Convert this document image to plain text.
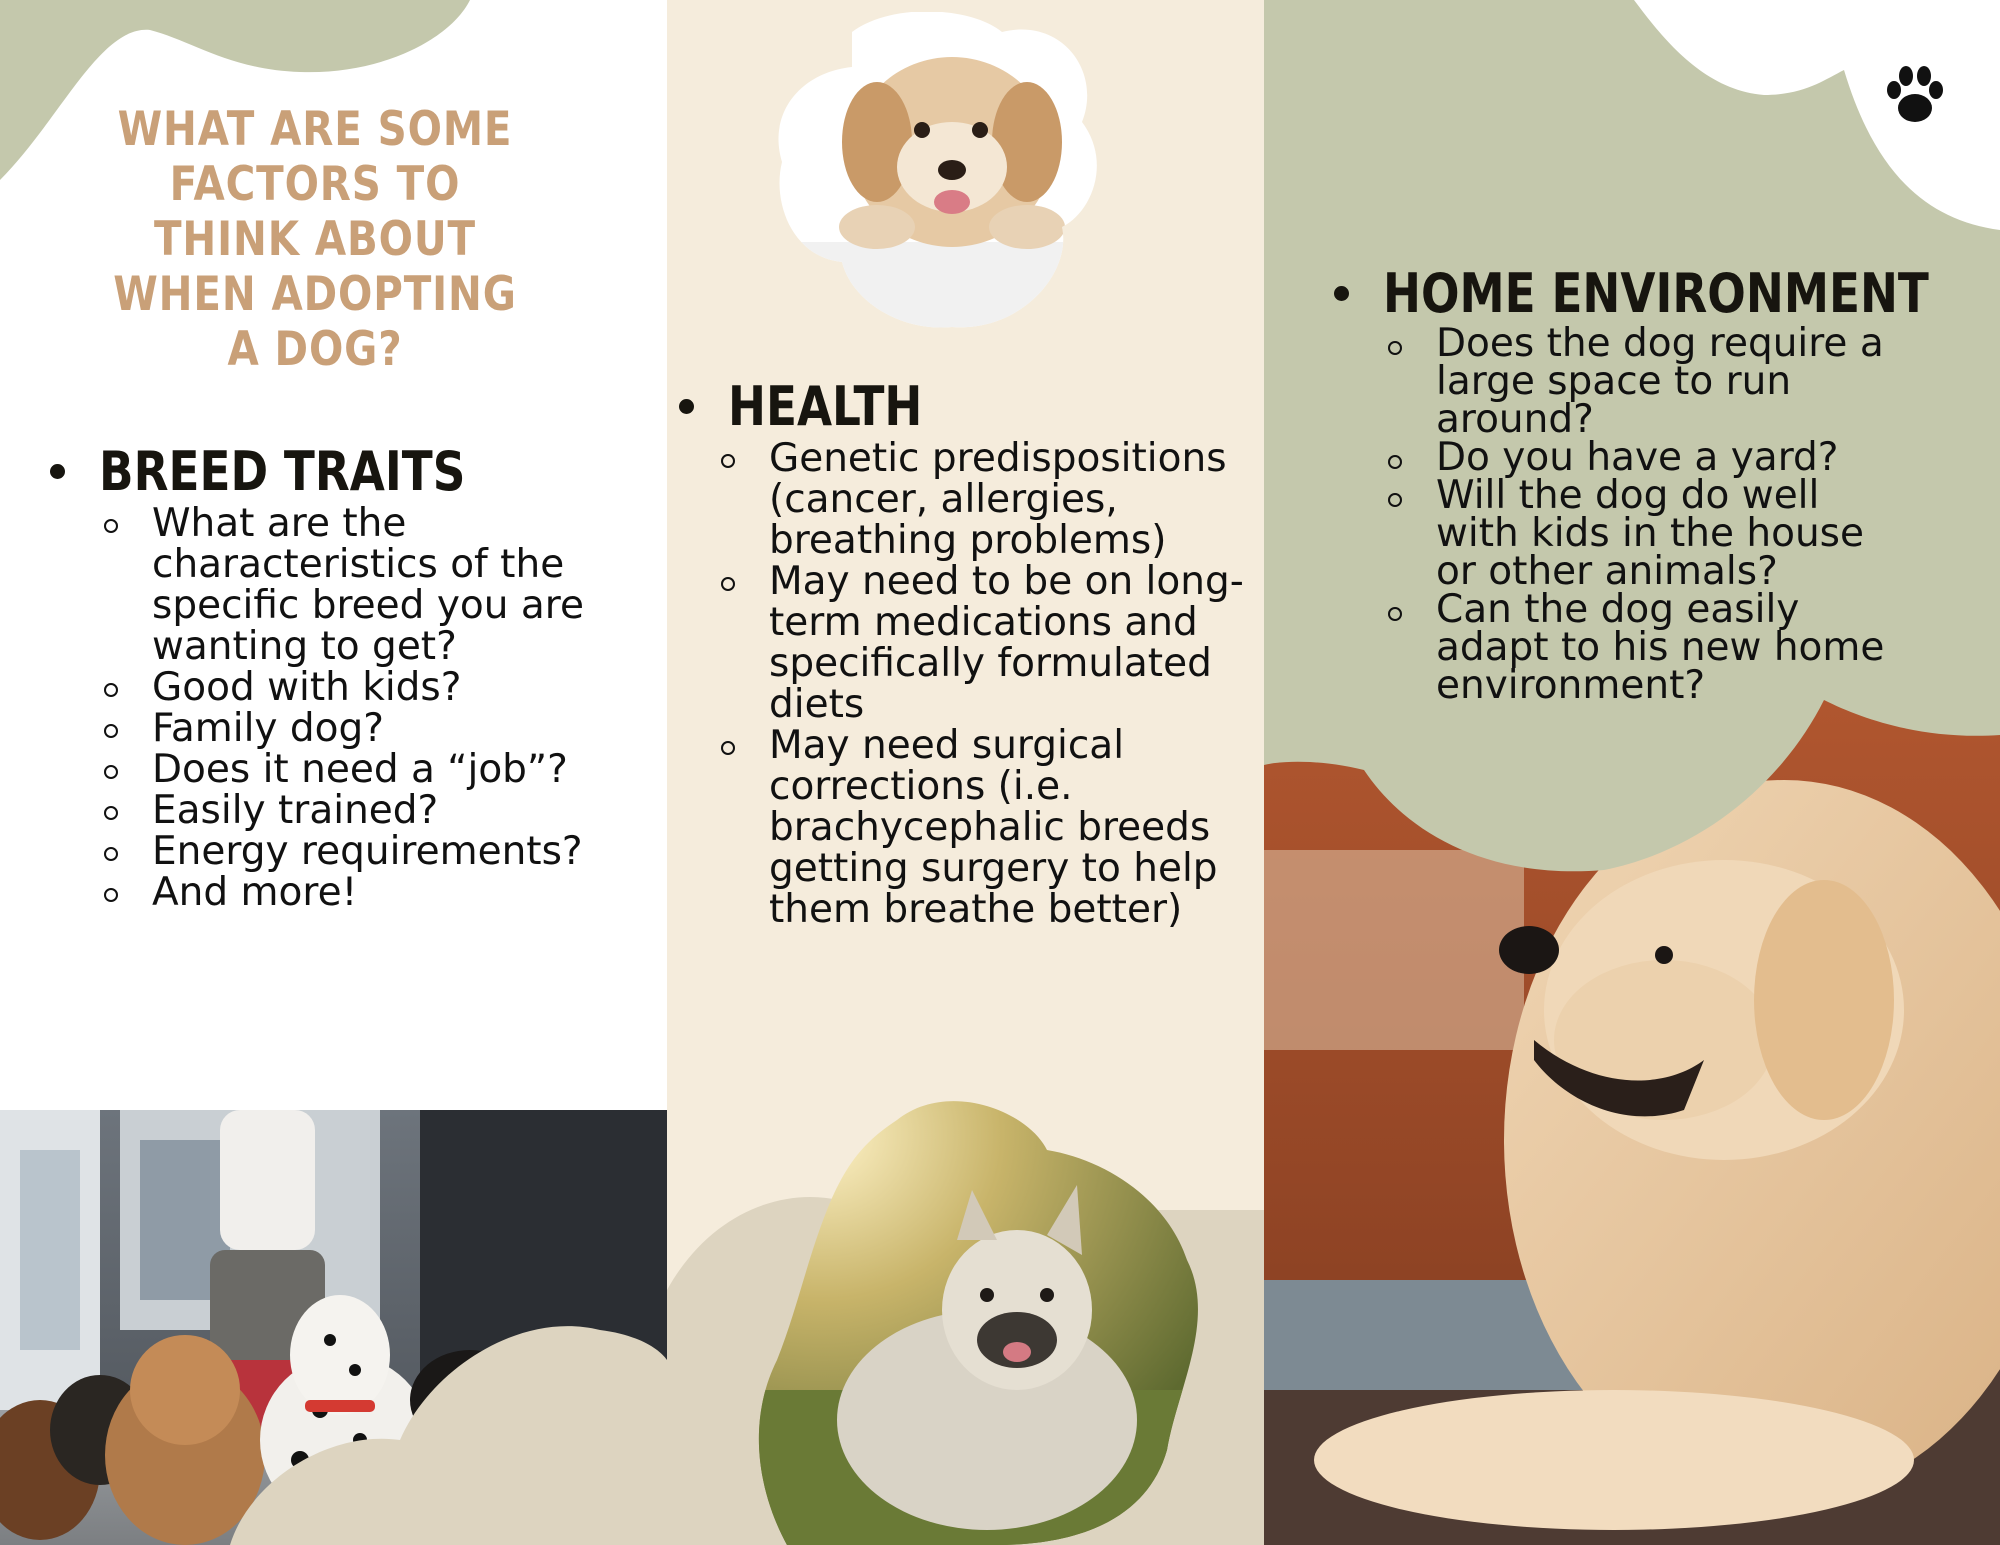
WHAT ARE SOME FACTORS TO THINK ABOUT WHEN ADOPTING A DOG?
BREED TRAITS
What are the characteristics of the specific breed you are wanting to get?
Good with kids?
Family dog?
Does it need a “job”?
Easily trained?
Energy requirements?
And more!
HEALTH
Genetic predispositions (cancer, allergies, breathing problems)
May need to be on long-term medications and specifically formulated diets
May need surgical corrections (i.e. brachycephalic breeds getting surgery to help them breathe better)
HOME ENVIRONMENT
Does the dog require a large space to run around?
Do you have a yard?
Will the dog do well with kids in the house or other animals?
Can the dog easily adapt to his new home environment?
